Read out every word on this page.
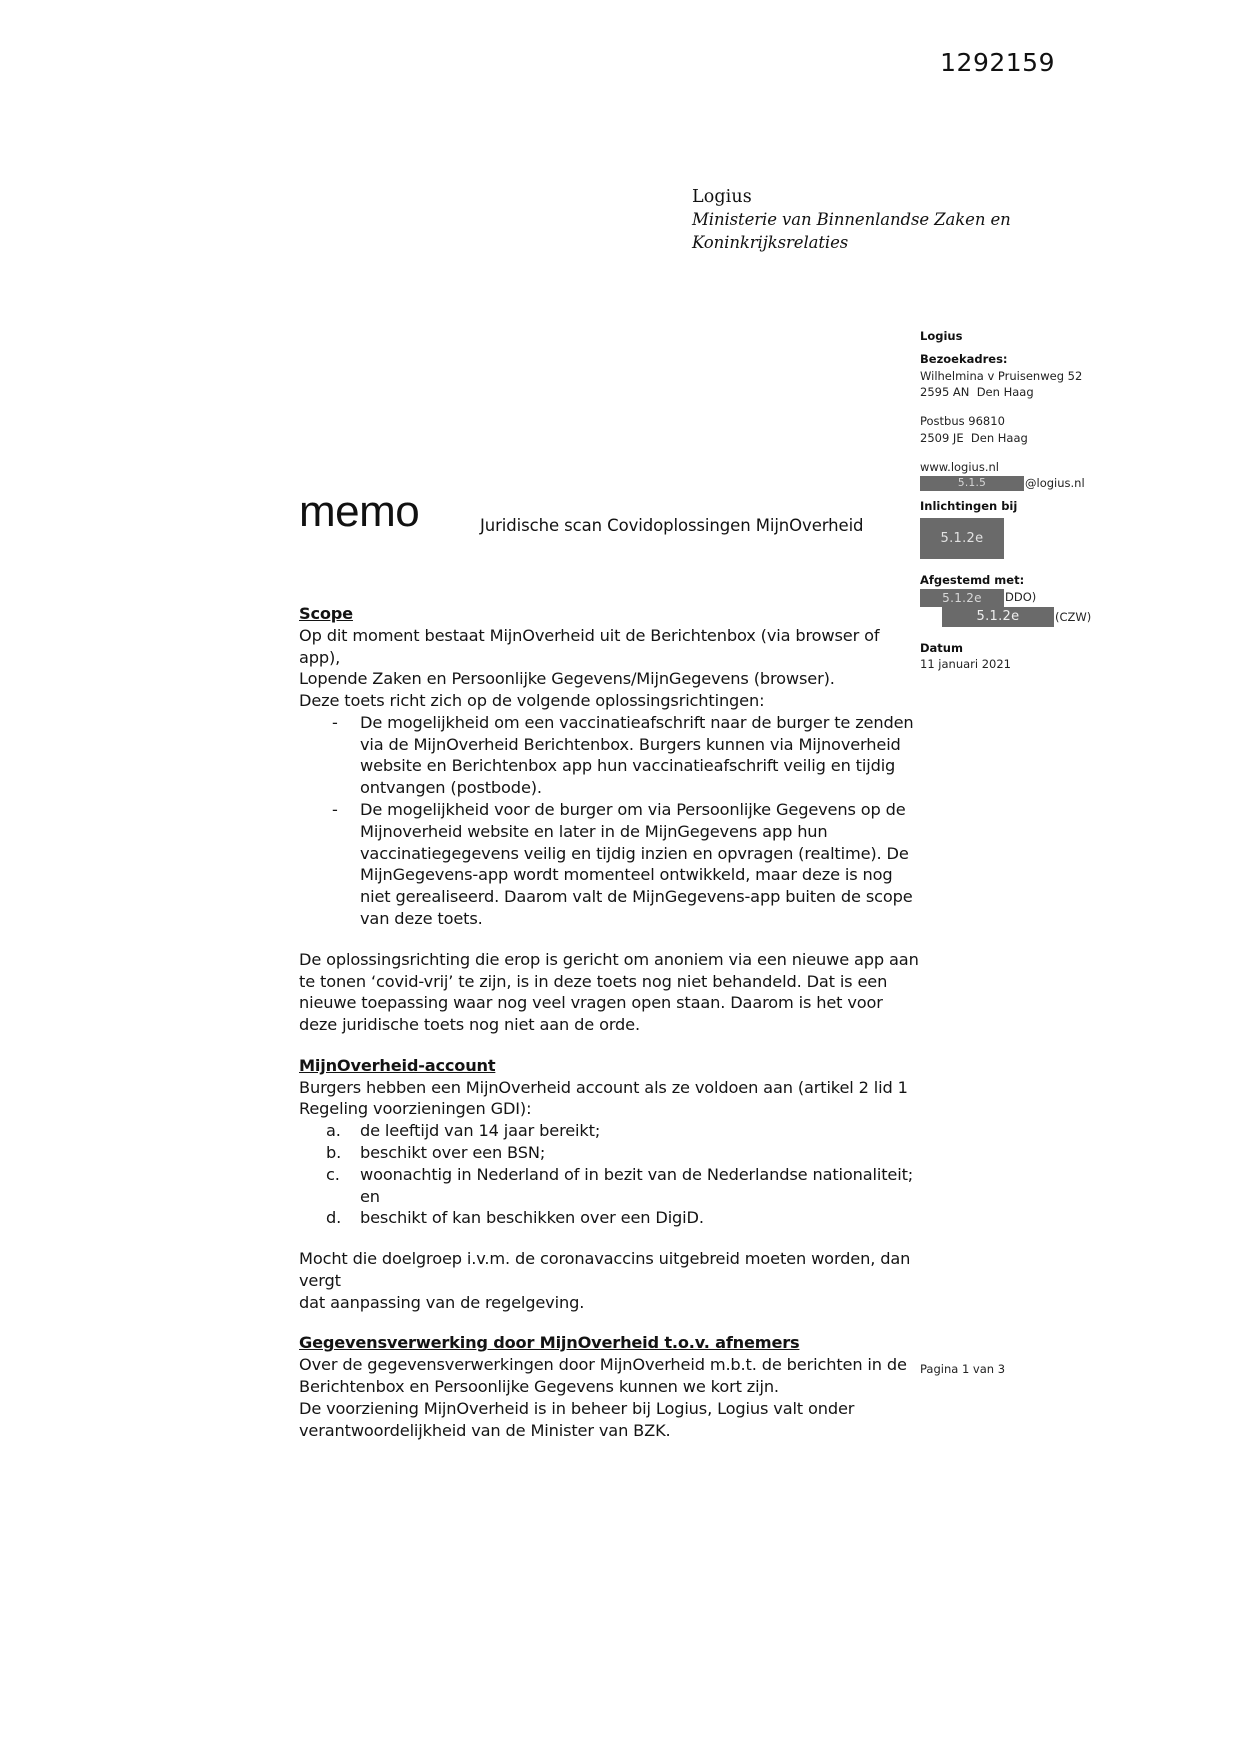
1292159
Logius
Ministerie van Binnenlandse Zaken en
Koninkrijksrelaties
Logius
Bezoekadres:
Wilhelmina v Pruisenweg 52
2595 AN  Den Haag
Postbus 96810
2509 JE  Den Haag
www.logius.nl
5.1.5	@logius.nl
Inlichtingen bij
5.1.2e
Afgestemd met:
5.1.2e DDO)
5.1.2e	(CZW)
Datum
11 januari 2021
memo	Juridische scan Covidoplossingen MijnOverheid
Scope

Op dit moment bestaat MijnOverheid uit de Berichtenbox (via browser of app),

Lopende Zaken en Persoonlijke Gegevens/MijnGegevens (browser).

Deze toets richt zich op de volgende oplossingsrichtingen:

- De mogelijkheid om een vaccinatieafschrift naar de burger te zenden via de MijnOverheid Berichtenbox. Burgers kunnen via Mijnoverheid website en Berichtenbox app hun vaccinatieafschrift veilig en tijdig ontvangen (postbode).
- De mogelijkheid voor de burger om via Persoonlijke Gegevens op de Mijnoverheid website en later in de MijnGegevens app hun vaccinatiegegevens veilig en tijdig inzien en opvragen (realtime). De MijnGegevens-app wordt momenteel ontwikkeld, maar deze is nog niet gerealiseerd. Daarom valt de MijnGegevens-app buiten de scope van deze toets.

De oplossingsrichting die erop is gericht om anoniem via een nieuwe app aan te tonen ‘covid-vrij’ te zijn, is in deze toets nog niet behandeld. Dat is een nieuwe toepassing waar nog veel vragen open staan. Daarom is het voor deze juridische toets nog niet aan de orde.

MijnOverheid-account

Burgers hebben een MijnOverheid account als ze voldoen aan (artikel 2 lid 1

Regeling voorzieningen GDI):

de leeftijd van 14 jaar bereikt;
beschikt over een BSN;
woonachtig in Nederland of in bezit van de Nederlandse nationaliteit; en
beschikt of kan beschikken over een DigiD.

Mocht die doelgroep i.v.m. de coronavaccins uitgebreid moeten worden, dan vergt

dat aanpassing van de regelgeving.

Gegevensverwerking door MijnOverheid t.o.v. afnemers

Over de gegevensverwerkingen door MijnOverheid m.b.t. de berichten in de

Berichtenbox en Persoonlijke Gegevens kunnen we kort zijn.

De voorziening MijnOverheid is in beheer bij Logius, Logius valt onder

verantwoordelijkheid van de Minister van BZK.

Pagina 1 van 3
